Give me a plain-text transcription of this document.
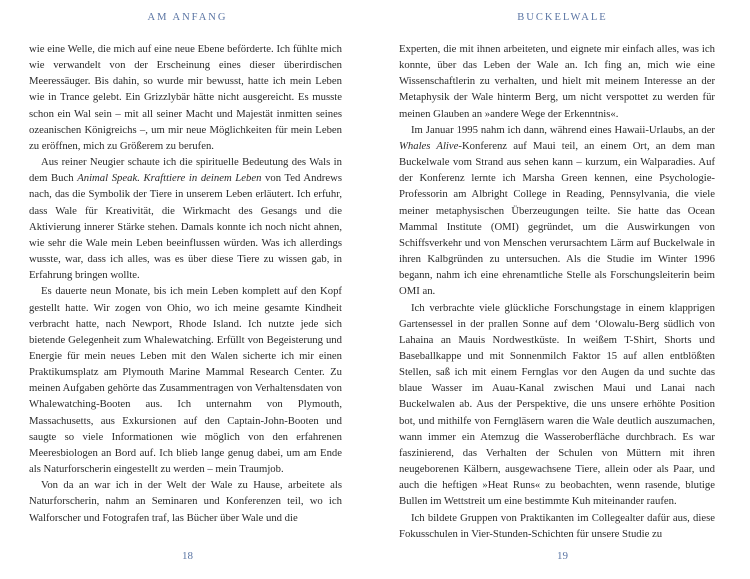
AM ANFANG

wie eine Welle, die mich auf eine neue Ebene beförderte. Ich fühlte mich wie verwandelt von der Erscheinung eines dieser überirdischen Meeressäuger. Bis dahin, so wurde mir bewusst, hatte ich mein Leben wie in Trance gelebt. Ein Grizzlybär hätte nicht ausgereicht. Es musste schon ein Wal sein – mit all seiner Macht und Majestät inmitten seines ozeanischen Königreichs –, um mir neue Möglichkeiten für mein Leben zu eröffnen, mich zu Größerem zu berufen.

Aus reiner Neugier schaute ich die spirituelle Bedeutung des Wals in dem Buch Animal Speak. Krafttiere in deinem Leben von Ted Andrews nach, das die Symbolik der Tiere in unserem Leben erläutert. Ich erfuhr, dass Wale für Kreativität, die Wirkmacht des Gesangs und die Aktivierung innerer Stärke stehen. Damals konnte ich noch nicht ahnen, wie sehr die Wale mein Leben beeinflussen würden. Was ich allerdings wusste, war, dass ich alles, was es über diese Tiere zu wissen gab, in Erfahrung bringen wollte.

Es dauerte neun Monate, bis ich mein Leben komplett auf den Kopf gestellt hatte. Wir zogen von Ohio, wo ich meine gesamte Kindheit verbracht hatte, nach Newport, Rhode Island. Ich nutzte jede sich bietende Gelegenheit zum Whalewatching. Erfüllt von Begeisterung und Energie für mein neues Leben mit den Walen sicherte ich mir einen Praktikumsplatz am Plymouth Marine Mammal Research Center. Zu meinen Aufgaben gehörte das Zusammentragen von Verhaltensdaten von Whalewatching-Booten aus. Ich unternahm von Plymouth, Massachusetts, aus Exkursionen auf den Captain-John-Booten und saugte so viele Informationen wie möglich von den erfahrenen Meeresbiologen an Bord auf. Ich blieb lange genug dabei, um am Ende als Naturforscherin eingestellt zu werden – mein Traumjob.

Von da an war ich in der Welt der Wale zu Hause, arbeitete als Naturforscherin, nahm an Seminaren und Konferenzen teil, wo ich Walforscher und Fotografen traf, las Bücher über Wale und die

18
BUCKELWALE

Experten, die mit ihnen arbeiteten, und eignete mir einfach alles, was ich konnte, über das Leben der Wale an. Ich fing an, mich wie eine Wissenschaftlerin zu verhalten, und hielt mit meinem Interesse an der Metaphysik der Wale hinterm Berg, um nicht verspottet zu werden für meinen Glauben an »andere Wege der Erkenntnis«.

Im Januar 1995 nahm ich dann, während eines Hawaii-Urlaubs, an der Whales Alive-Konferenz auf Maui teil, an einem Ort, an dem man Buckelwale vom Strand aus sehen kann – kurzum, ein Walparadies. Auf der Konferenz lernte ich Marsha Green kennen, eine Psychologie-Professorin am Albright College in Reading, Pennsylvania, die viele meiner metaphysischen Überzeugungen teilte. Sie hatte das Ocean Mammal Institute (OMI) gegründet, um die Auswirkungen von Schiffsverkehr und von Menschen verursachtem Lärm auf Buckelwale in ihren Kalbgründen zu untersuchen. Als die Studie im Winter 1996 begann, nahm ich eine ehrenamtliche Stelle als Forschungsleiterin beim OMI an.

Ich verbrachte viele glückliche Forschungstage in einem klapprigen Gartensessel in der prallen Sonne auf dem ʻOlowalu-Berg südlich von Lahaina an Mauis Nordwestküste. In weißem T-Shirt, Shorts und Baseballkappe und mit Sonnenmilch Faktor 15 auf allen entblößten Stellen, saß ich mit einem Fernglas vor den Augen da und suchte das blaue Wasser im Auau-Kanal zwischen Maui und Lanai nach Buckelwalen ab. Aus der Perspektive, die uns unsere erhöhte Position bot, und mithilfe von Ferngläsern waren die Wale deutlich auszumachen, wann immer ein Atemzug die Wasseroberfläche durchbrach. Es war faszinierend, das Verhalten der Schulen von Müttern mit ihren neugeborenen Kälbern, ausgewachsene Tiere, allein oder als Paar, und auch die heftigen »Heat Runs« zu beobachten, wenn rasende, blutige Bullen im Wettstreit um eine bestimmte Kuh miteinander raufen.

Ich bildete Gruppen von Praktikanten im Collegealter dafür aus, diese Fokusschulen in Vier-Stunden-Schichten für unsere Studie zu

19
